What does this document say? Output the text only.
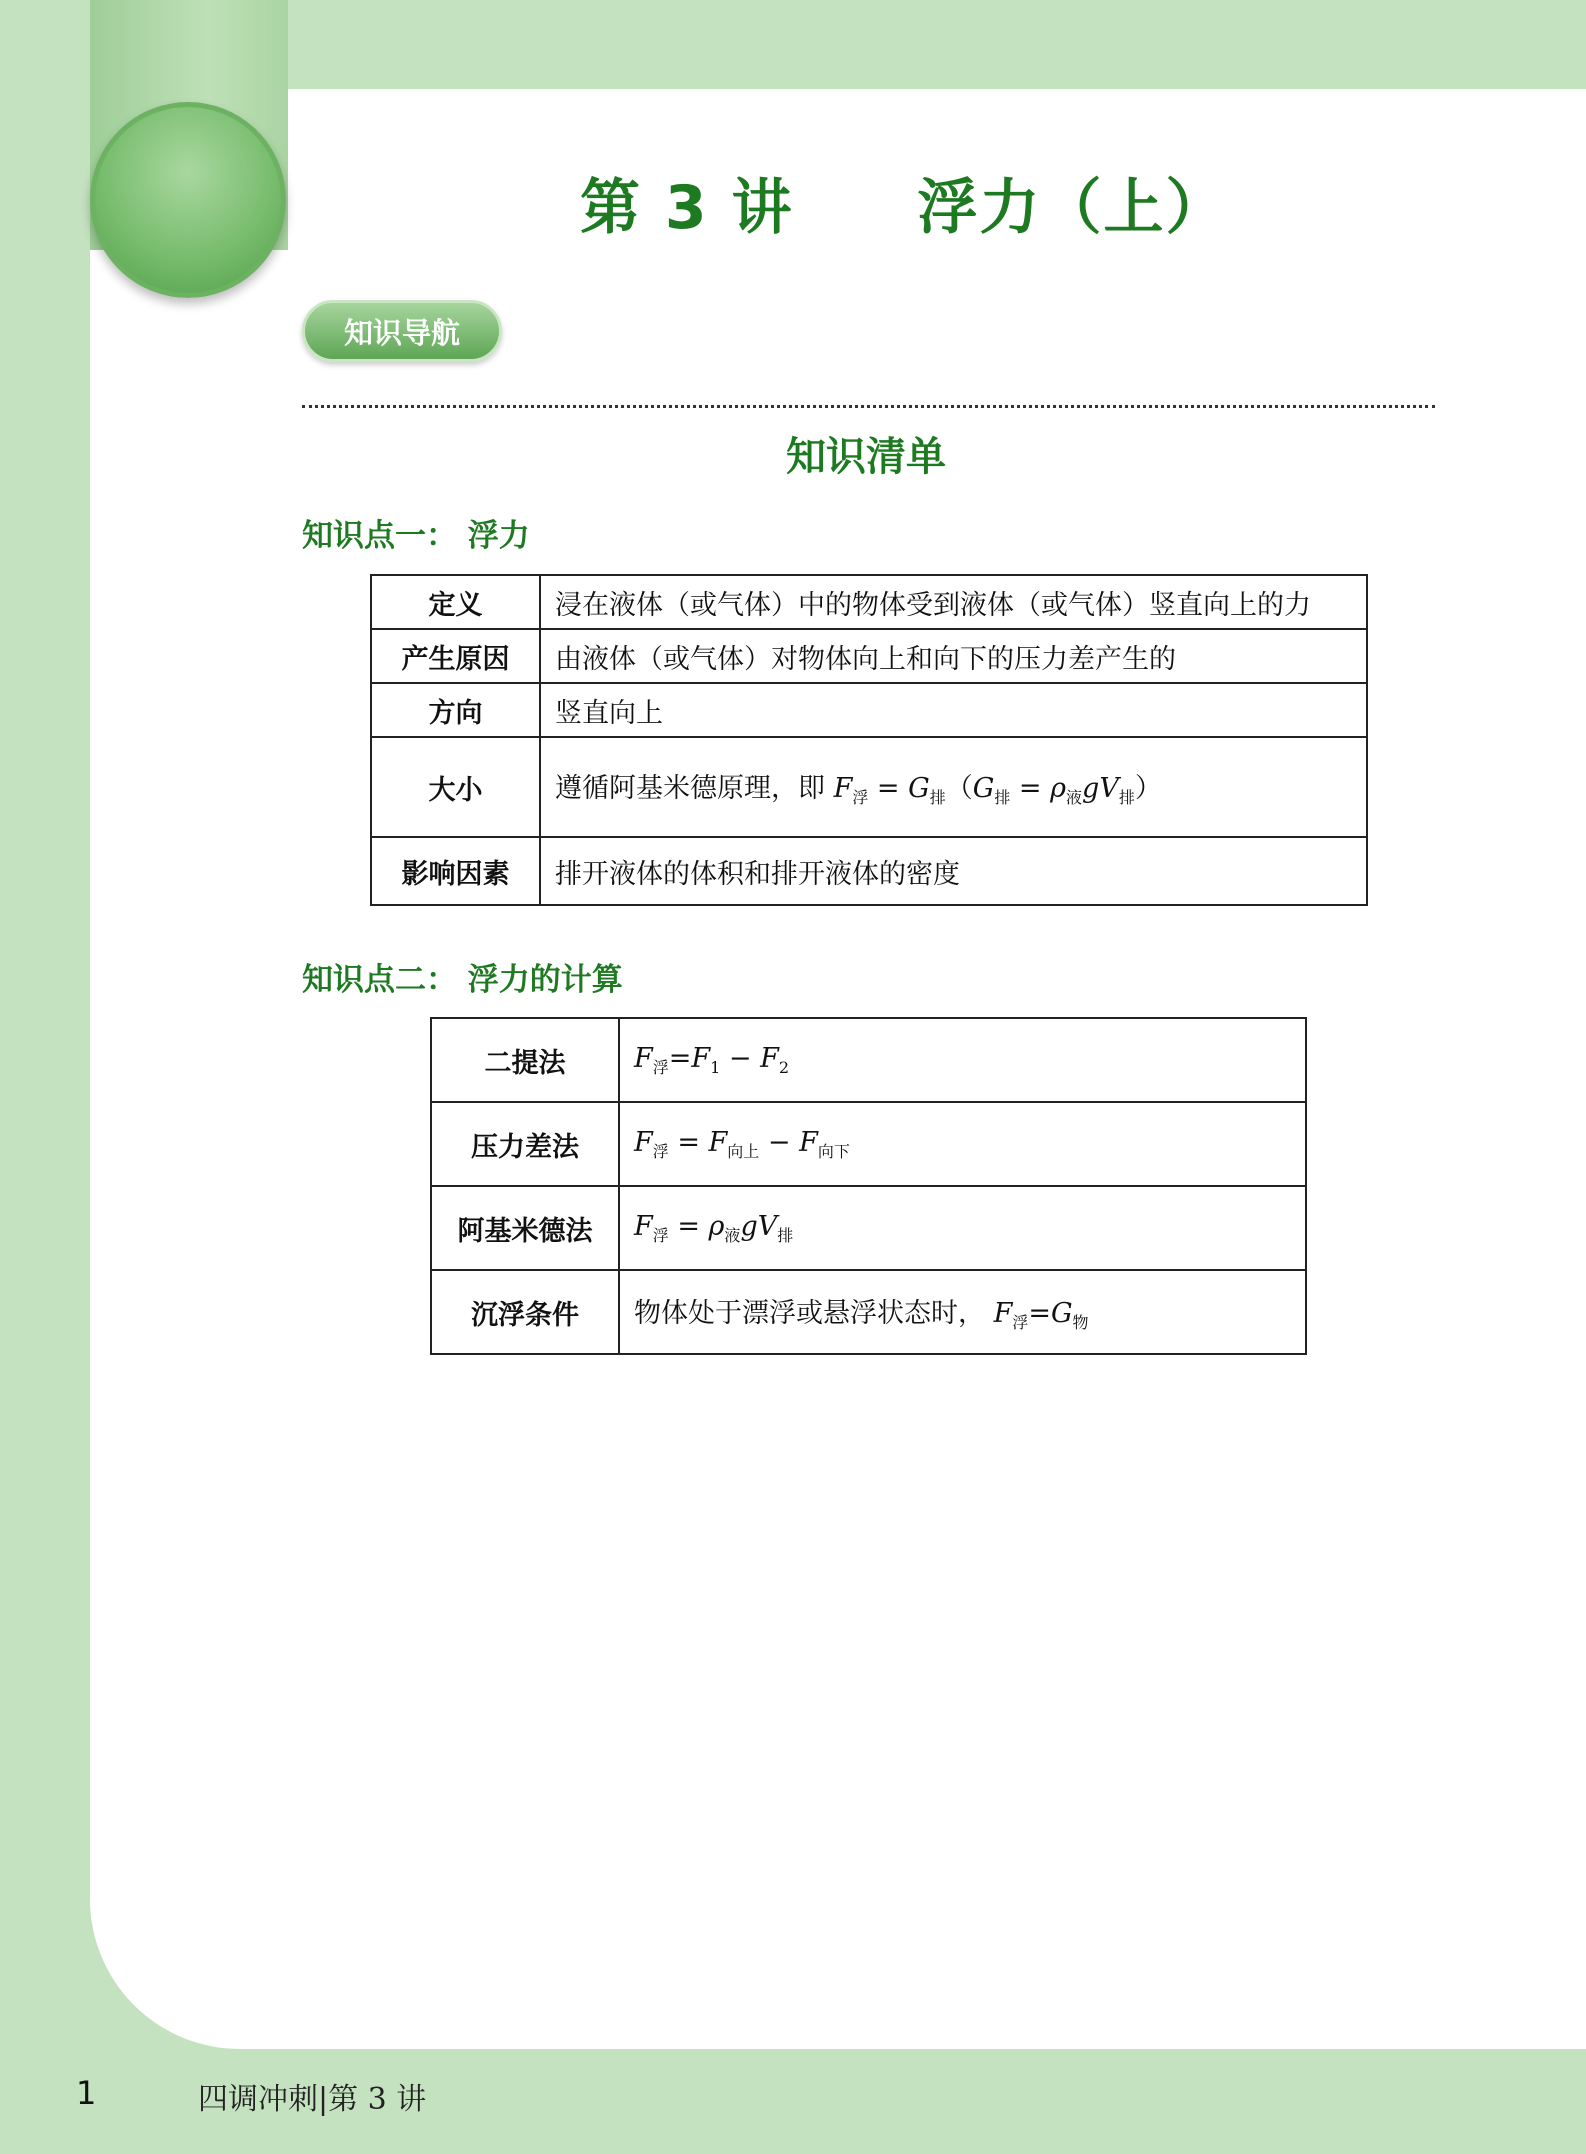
第 3 讲　　浮力（上）
知识导航
知识清单
知识点一： 浮力
定义	浸在液体（或气体）中的物体受到液体（或气体）竖直向上的力
产生原因	由液体（或气体）对物体向上和向下的压力差产生的
方向	竖直向上
大小	遵循阿基米德原理，即 $F_浮 = G_排(G_排 = \rho_液gV_排)$
影响因素	排开液体的体积和排开液体的密度
知识点二： 浮力的计算
二提法	$F_浮=F_1 - F_2$
压力差法	$F_浮 = F_{向上} - F_{向下}$
阿基米德法	$F_浮 = \rho_液gV_排$
沉浮条件	物体处于漂浮或悬浮状态时， $F_浮=G_物$
1	四调冲刺|第 3 讲
